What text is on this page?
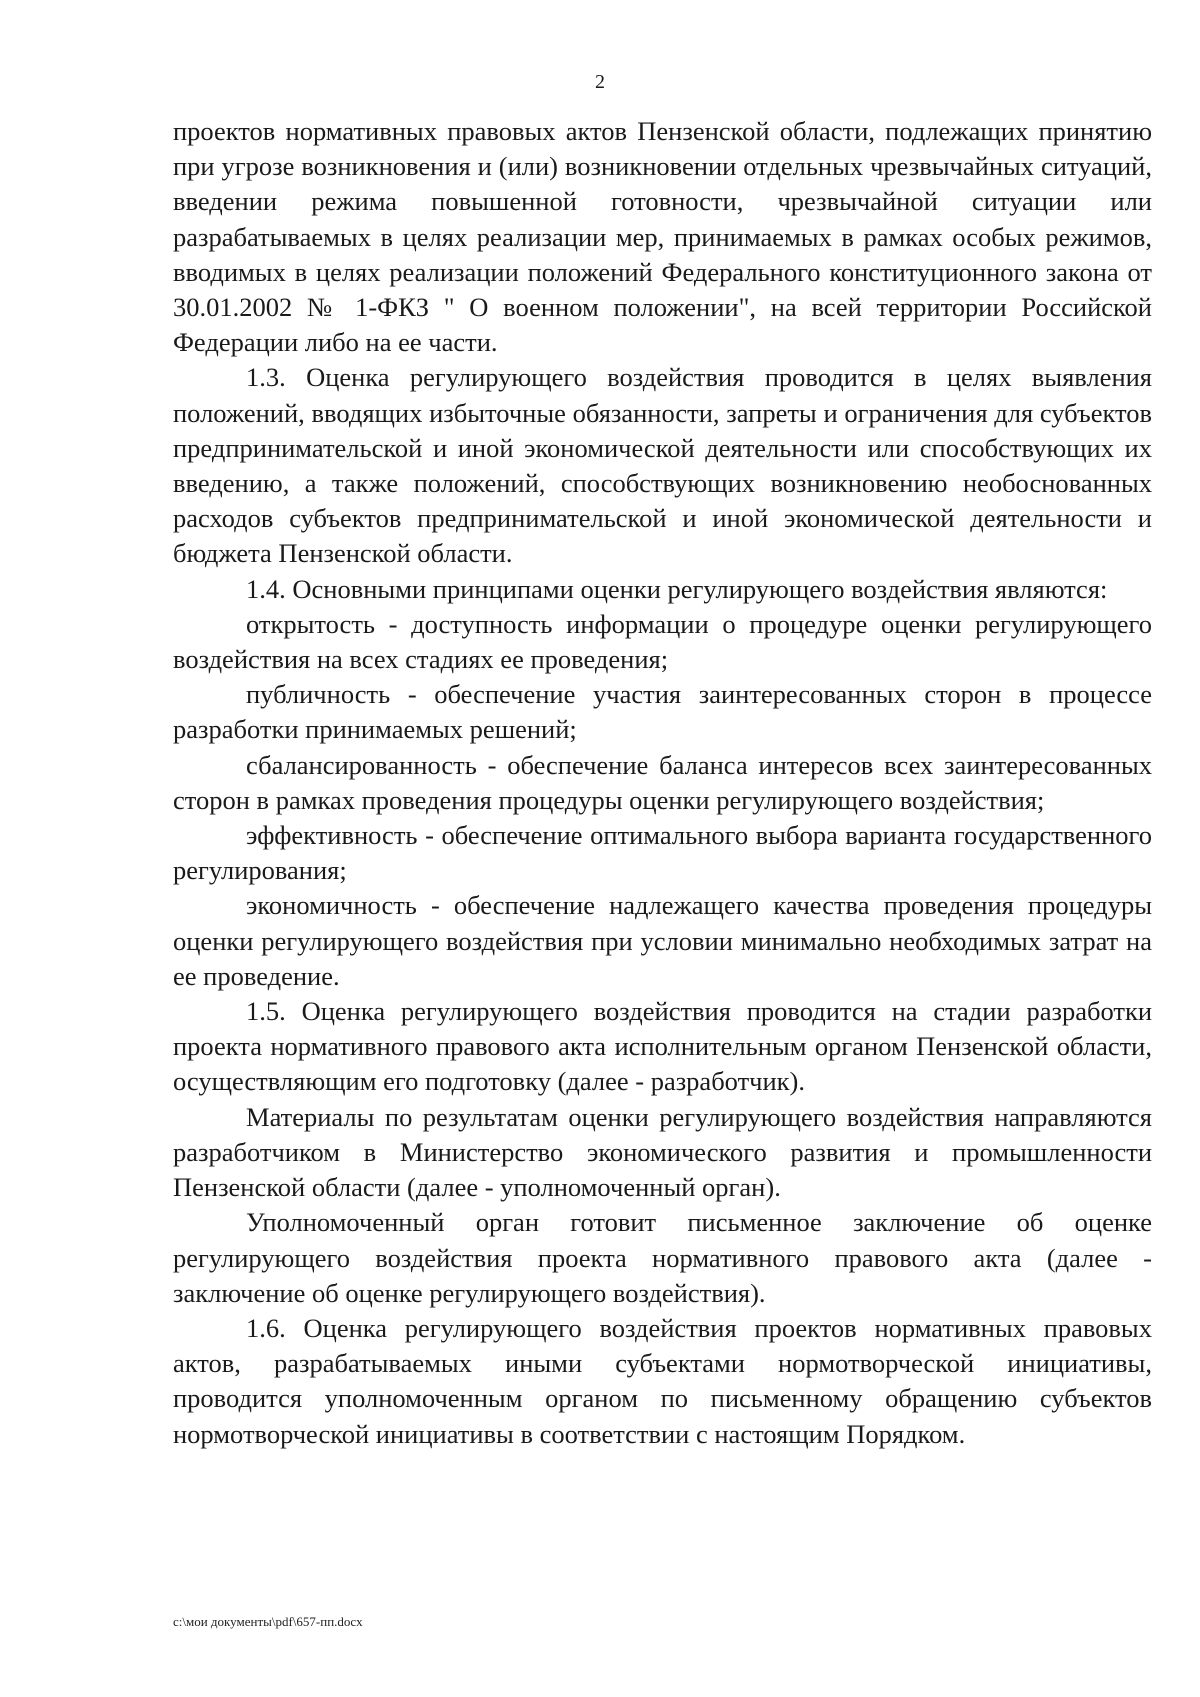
2

проектов нормативных правовых актов Пензенской области, подлежащих принятию при угрозе возникновения и (или) возникновении отдельных чрезвычайных ситуаций, введении режима повышенной готовности, чрезвычайной ситуации или разрабатываемых в целях реализации мер, принимаемых в рамках особых режимов, вводимых в целях реализации положений Федерального конституционного закона от 30.01.2002 № 1-ФКЗ " О военном положении", на всей территории Российской Федерации либо на ее части.

1.3. Оценка регулирующего воздействия проводится в целях выявления положений, вводящих избыточные обязанности, запреты и ограничения для субъектов предпринимательской и иной экономической деятельности или способствующих их введению, а также положений, способствующих возникновению необоснованных расходов субъектов предпринимательской и иной экономической деятельности и бюджета Пензенской области.

1.4. Основными принципами оценки регулирующего воздействия являются:

открытость - доступность информации о процедуре оценки регулирующего воздействия на всех стадиях ее проведения;

публичность - обеспечение участия заинтересованных сторон в процессе разработки принимаемых решений;

сбалансированность - обеспечение баланса интересов всех заинтересованных сторон в рамках проведения процедуры оценки регулирующего воздействия;

эффективность - обеспечение оптимального выбора варианта государственного регулирования;

экономичность - обеспечение надлежащего качества проведения процедуры оценки регулирующего воздействия при условии минимально необходимых затрат на ее проведение.

1.5. Оценка регулирующего воздействия проводится на стадии разработки проекта нормативного правового акта исполнительным органом Пензенской области, осуществляющим его подготовку (далее - разработчик).

Материалы по результатам оценки регулирующего воздействия направляются разработчиком в Министерство экономического развития и промышленности Пензенской области (далее - уполномоченный орган).

Уполномоченный орган готовит письменное заключение об оценке регулирующего воздействия проекта нормативного правового акта (далее - заключение об оценке регулирующего воздействия).

1.6. Оценка регулирующего воздействия проектов нормативных правовых актов, разрабатываемых иными субъектами нормотворческой инициативы, проводится уполномоченным органом по письменному обращению субъектов нормотворческой инициативы в соответствии с настоящим Порядком.

c:\мои документы\pdf\657-пп.docx
